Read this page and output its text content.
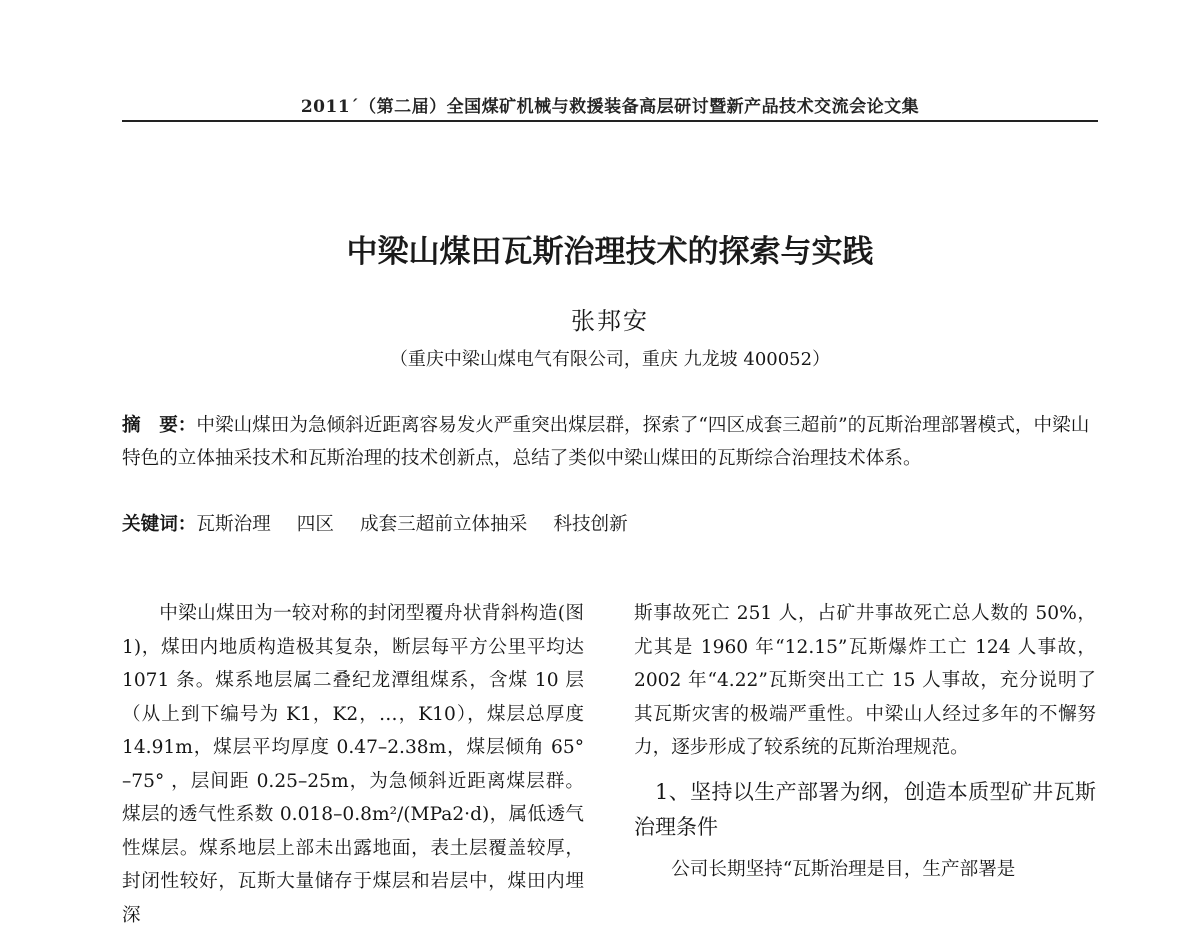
2011´（第二届）全国煤矿机械与救援装备高层研讨暨新产品技术交流会论文集
中梁山煤田瓦斯治理技术的探索与实践
张邦安
（重庆中梁山煤电气有限公司，重庆 九龙坡 400052）
摘　要：中梁山煤田为急倾斜近距离容易发火严重突出煤层群，探索了“四区成套三超前”的瓦斯治理部署模式，中梁山特色的立体抽采技术和瓦斯治理的技术创新点，总结了类似中梁山煤田的瓦斯综合治理技术体系。
关键词：瓦斯治理 四区 成套三超前立体抽采 科技创新

中梁山煤田为一较对称的封闭型覆舟状背斜构造(图 1)，煤田内地质构造极其复杂，断层每平方公里平均达 1071 条。煤系地层属二叠纪龙潭组煤系，含煤 10 层（从上到下编号为 K1，K2，…，K10），煤层总厚度 14.91m，煤层平均厚度 0.47–2.38m，煤层倾角 65° –75° ，层间距 0.25–25m，为急倾斜近距离煤层群。煤层的透气性系数 0.018–0.8m²/(MPa2·d)，属低透气性煤层。煤系地层上部未出露地面，表土层覆盖较厚，封闭性较好，瓦斯大量储存于煤层和岩层中，煤田内埋深

斯事故死亡 251 人，占矿井事故死亡总人数的 50%，尤其是 1960 年“12.15”瓦斯爆炸工亡 124 人事故，2002 年“4.22”瓦斯突出工亡 15 人事故，充分说明了其瓦斯灾害的极端严重性。中梁山人经过多年的不懈努力，逐步形成了较系统的瓦斯治理规范。

1、坚持以生产部署为纲，创造本质型矿井瓦斯治理条件

公司长期坚持“瓦斯治理是目，生产部署是
